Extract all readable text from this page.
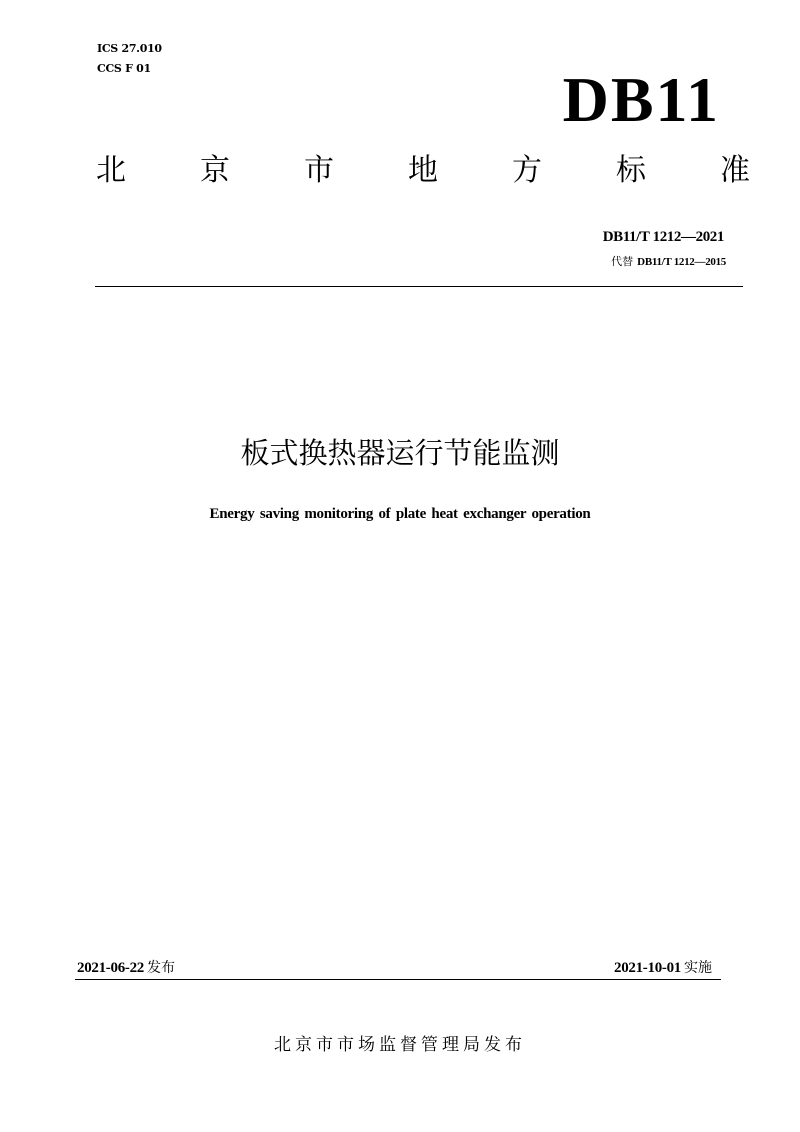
ICS 27.010
CCS F 01	DB11
北 京 市 地 方 标 准
DB11/T 1212—2021
代替 DB11/T 1212—2015
板式换热器运行节能监测
Energy saving monitoring of plate heat exchanger operation
2021-06-22 发布	2021-10-01 实施
北京市市场监督管理局发布
